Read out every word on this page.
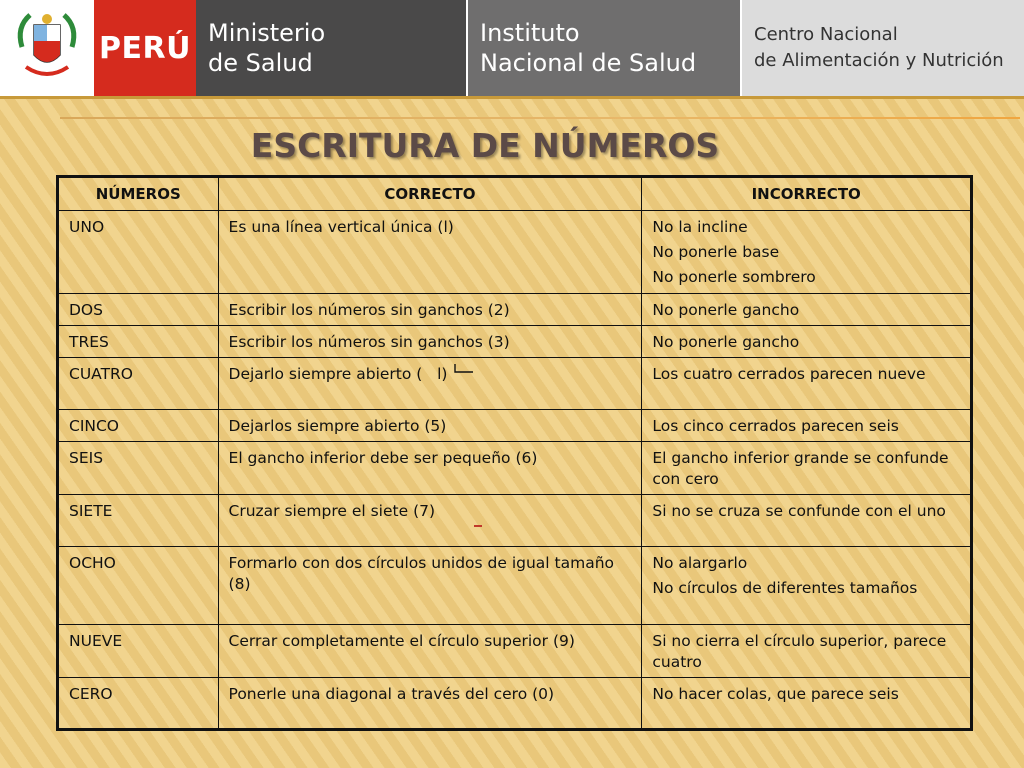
PERÚ Ministerio
de Salud
Instituto
Nacional de Salud
Centro Nacional
de Alimentación y Nutrición
ESCRITURA DE NÚMEROS
NÚMEROS	CORRECTO	INCORRECTO
UNO	Es una línea vertical única (l)	No la incline
No ponerle base
No ponerle sombrero

DOS	Escribir los números sin ganchos (2)	No ponerle gancho

TRES	Escribir los números sin ganchos (3)	No ponerle gancho

CUATRO	Dejarlo siempre abierto (   l)	Los cuatro cerrados parecen nueve

CINCO	Dejarlos siempre abierto (5)	Los cinco cerrados parecen seis

SEIS	El gancho inferior debe ser pequeño (6)	El gancho inferior grande se confunde con cero

SIETE	Cruzar siempre el siete (7)	Si no se cruza se confunde con el uno

OCHO	Formarlo con dos círculos unidos de igual tamaño (8)	No alargarlo
No círculos de diferentes tamaños

NUEVE	Cerrar completamente el círculo superior (9)	Si no cierra el círculo superior, parece cuatro

CERO	Ponerle una diagonal a través del cero (0)	No hacer colas, que parece seis
